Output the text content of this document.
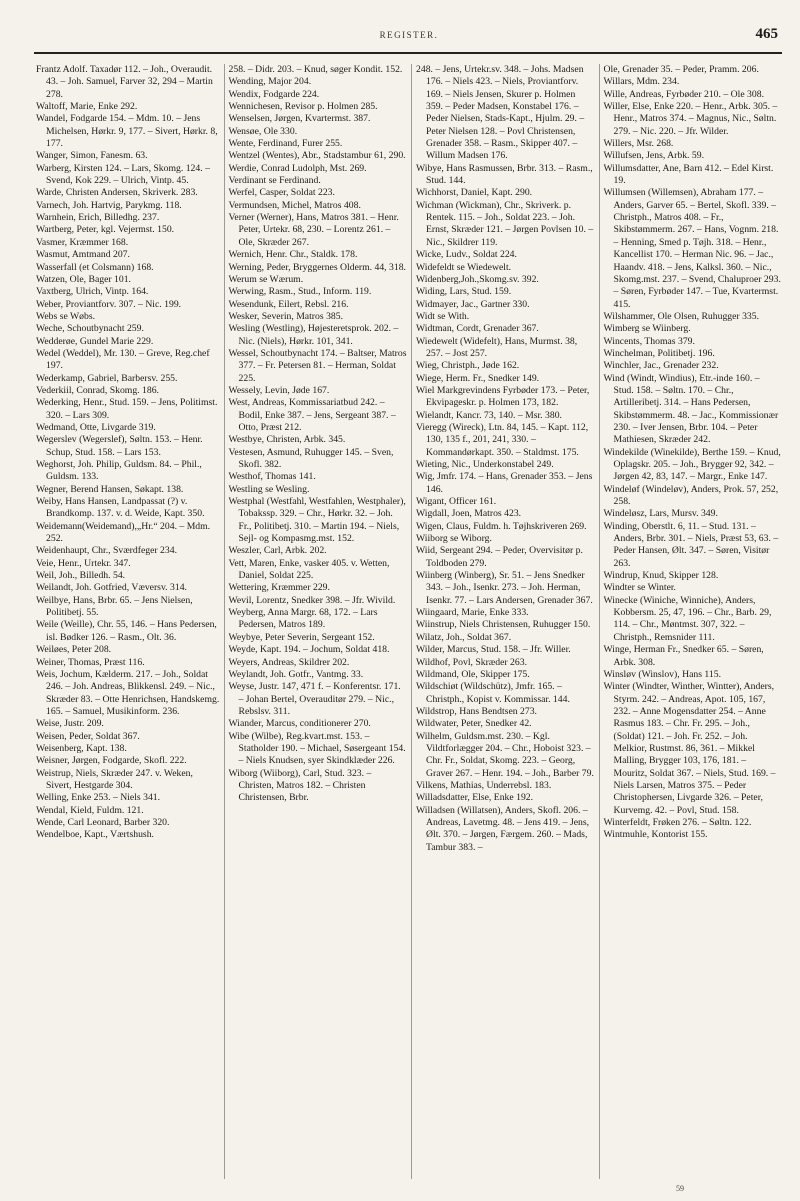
REGISTER.	465
Frantz Adolf. Taxadør 112. – Joh., Overaudit. 43. – Joh. Samuel, Farver 32, 294 – Martin 278.
Waltoff, Marie, Enke 292.
Wandel, Fodgarde 154. – Mdm. 10. – Jens Michelsen, Hørkr. 9, 177. – Sivert, Hørkr. 8, 177.
Wanger, Simon, Fanesm. 63.
Warberg, Kirsten 124. – Lars, Skomg. 124. – Svend, Kok 229. – Ulrich, Vintp. 45.
Warde, Christen Andersen, Skriverk. 283.
Varnech, Joh. Hartvig, Parykmg. 118.
Warnhein, Erich, Billedhg. 237.
Wartberg, Peter, kgl. Vejermst. 150.
Vasmer, Kræmmer 168.
Wasmut, Amtmand 207.
Wasserfall (et Colsmann) 168.
Watzen, Ole, Bager 101.
Vaxtberg, Ulrich, Vintp. 164.
Weber, Proviantforv. 307. – Nic. 199.
Webs se Wøbs.
Weche, Schoutbynacht 259.
Wedderøe, Gundel Marie 229.
Wedel (Weddel), Mr. 130. – Greve, Reg.chef 197.
Wederkamp, Gabriel, Barbersv. 255.
Vederkiil, Conrad, Skomg. 186.
Wederking, Henr., Stud. 159. – Jens, Politimst. 320. – Lars 309.
Wedmand, Otte, Livgarde 319.
Wegerslev (Wegerslef), Søltn. 153. – Henr. Schup, Stud. 158. – Lars 153.
Weghorst, Joh. Philip, Guldsm. 84. – Phil., Guldsm. 133.
Wegner, Berend Hansen, Søkapt. 138.
Weiby, Hans Hansen, Landpassat (?) v. Brandkomp. 137. v. d. Weide, Kapt. 350.
Weidemann(Weidemand),„Hr.“ 204. – Mdm. 252.
Weidenhaupt, Chr., Sværdfeger 234.
Veie, Henr., Urtekr. 347.
Weil, Joh., Billedh. 54.
Weilandt, Joh. Gotfried, Væversv. 314.
Weilbye, Hans, Brbr. 65. – Jens Nielsen, Politibetj. 55.
Weile (Weille), Chr. 55, 146. – Hans Pedersen, isl. Bødker 126. – Rasm., Olt. 36.
Weiløes, Peter 208.
Weiner, Thomas, Præst 116.
Weis, Jochum, Kælderm. 217. – Joh., Soldat 246. – Joh. Andreas, Blikkensl. 249. – Nic., Skræder 83. – Otte Henrichsen, Handskemg. 165. – Samuel, Musikinform. 236.
Weise, Justr. 209.
Weisen, Peder, Soldat 367.
Weisenberg, Kapt. 138.
Weisner, Jørgen, Fodgarde, Skofl. 222.
Weistrup, Niels, Skræder 247. v. Weken, Sivert, Hestgarde 304.
Welling, Enke 253. – Niels 341.
Wendal, Kield, Fuldm. 121.
Wende, Carl Leonard, Barber 320.
Wendelboe, Kapt., Værtshush.
258. – Didr. 203. – Knud, søger Kondit. 152.
Wending, Major 204.
Wendix, Fodgarde 224.
Wennichesen, Revisor p. Holmen 285.
Wenselsen, Jørgen, Kvartermst. 387.
Wensøe, Ole 330.
Wente, Ferdinand, Furer 255.
Wentzel (Wentes), Abr., Stadstambur 61, 290.
Werdie, Conrad Ludolph, Mst. 269.
Verdinant se Ferdinand.
Werfel, Casper, Soldat 223.
Vermundsen, Michel, Matros 408.
Verner (Werner), Hans, Matros 381. – Henr. Peter, Urtekr. 68, 230. – Lorentz 261. – Ole, Skræder 267.
Wernich, Henr. Chr., Staldk. 178.
Werning, Peder, Bryggernes Olderm. 44, 318.
Werum se Wærum.
Werwing, Rasm., Stud., Inform. 119.
Wesendunk, Eilert, Rebsl. 216.
Wesker, Severin, Matros 385.
Wesling (Westling), Højesteretsprok. 202. – Nic. (Niels), Hørkr. 101, 341.
Wessel, Schoutbynacht 174. – Baltser, Matros 377. – Fr. Petersen 81. – Herman, Soldat 225.
Wessely, Levin, Jøde 167.
West, Andreas, Kommissariatbud 242. – Bodil, Enke 387. – Jens, Sergeant 387. – Otto, Præst 212.
Westbye, Christen, Arbk. 345.
Vestesen, Asmund, Ruhugger 145. – Sven, Skofl. 382.
Westhof, Thomas 141.
Westling se Wesling.
Westphal (Westfahl, Westfahlen, Westphaler), Tobakssp. 329. – Chr., Hørkr. 32. – Joh. Fr., Politibetj. 310. – Martin 194. – Niels, Sejl- og Kompasmg.mst. 152.
Weszler, Carl, Arbk. 202.
Vett, Maren, Enke, vasker 405. v. Wetten, Daniel, Soldat 225.
Wettering, Kræmmer 229.
Wevil, Lorentz, Snedker 398. – Jfr. Wivild.
Weyberg, Anna Margr. 68, 172. – Lars Pedersen, Matros 189.
Weybye, Peter Severin, Sergeant 152.
Weyde, Kapt. 194. – Jochum, Soldat 418.
Weyers, Andreas, Skildrer 202.
Weylandt, Joh. Gotfr., Vantmg. 33.
Weyse, Justr. 147, 471 f. – Konferentsr. 171. – Johan Bertel, Overauditør 279. – Nic., Rebslsv. 311.
Wiander, Marcus, conditionerer 270.
Wibe (Wilbe), Reg.kvart.mst. 153. – Statholder 190. – Michael, Søsergeant 154. – Niels Knudsen, syer Skindklæder 226.
Wiborg (Wiiborg), Carl, Stud. 323. – Christen, Matros 182. – Christen Christensen, Brbr.
248. – Jens, Urtekr.sv. 348. – Johs. Madsen 176. – Niels 423. – Niels, Proviantforv. 169. – Niels Jensen, Skurer p. Holmen 359. – Peder Madsen, Konstabel 176. – Peder Nielsen, Stads-Kapt., Hjulm. 29. – Peter Nielsen 128. – Povl Christensen, Grenader 358. – Rasm., Skipper 407. – Willum Madsen 176.
Wibye, Hans Rasmussen, Brbr. 313. – Rasm., Stud. 144.
Wichhorst, Daniel, Kapt. 290.
Wichman (Wickman), Chr., Skriverk. p. Rentek. 115. – Joh., Soldat 223. – Joh. Ernst, Skræder 121. – Jørgen Povlsen 10. – Nic., Skildrer 119.
Wicke, Ludv., Soldat 224.
Widefeldt se Wiedewelt.
Widenberg,Joh.,Skomg.sv. 392.
Widing, Lars, Stud. 159.
Widmayer, Jac., Gartner 330.
Widt se With.
Widtman, Cordt, Grenader 367.
Wiedewelt (Widefelt), Hans, Murmst. 38, 257. – Jost 257.
Wieg, Christph., Jøde 162.
Wiege, Herm. Fr., Snedker 149.
Wiel Markgrevindens Fyrbøder 173. – Peter, Ekvipageskr. p. Holmen 173, 182.
Wielandt, Kancr. 73, 140. – Msr. 380.
Vieregg (Wireck), Ltn. 84, 145. – Kapt. 112, 130, 135 f., 201, 241, 330. – Kommandørkapt. 350. – Staldmst. 175.
Wieting, Nic., Underkonstabel 249.
Wig, Jmfr. 174. – Hans, Grenader 353. – Jens 146.
Wigant, Officer 161.
Wigdall, Joen, Matros 423.
Wigen, Claus, Fuldm. h. Tøjhskriveren 269.
Wiiborg se Wiborg.
Wiid, Sergeant 294. – Peder, Overvisitør p. Toldboden 279.
Wiinberg (Winberg), Sr. 51. – Jens Snedker 343. – Joh., Isenkr. 273. – Joh. Herman, Isenkr. 77. – Lars Andersen, Grenader 367.
Wiingaard, Marie, Enke 333.
Wiinstrup, Niels Christensen, Ruhugger 150.
Wilatz, Joh., Soldat 367.
Wilder, Marcus, Stud. 158. – Jfr. Willer.
Wildhof, Povl, Skræder 263.
Wildmand, Ole, Skipper 175.
Wildschiøt (Wildschütz), Jmfr. 165. – Christph., Kopist v. Kommissar. 144.
Wildstrop, Hans Bendtsen 273.
Wildwater, Peter, Snedker 42.
Wilhelm, Guldsm.mst. 230. – Kgl. Vildtforlægger 204. – Chr., Hoboist 323. – Chr. Fr., Soldat, Skomg. 223. – Georg, Graver 267. – Henr. 194. – Joh., Barber 79.
Vilkens, Mathias, Underrebsl. 183.
Willadsdatter, Else, Enke 192.
Willadsen (Willatsen), Anders, Skofl. 206. – Andreas, Lavetmg. 48. – Jens 419. – Jens, Ølt. 370. – Jørgen, Færgem. 260. – Mads, Tambur 383. –
Ole, Grenader 35. – Peder, Pramm. 206.
Willars, Mdm. 234.
Wille, Andreas, Fyrbøder 210. – Ole 308.
Willer, Else, Enke 220. – Henr., Arbk. 305. – Henr., Matros 374. – Magnus, Nic., Søltn. 279. – Nic. 220. – Jfr. Wilder.
Willers, Msr. 268.
Willufsen, Jens, Arbk. 59.
Willumsdatter, Ane, Barn 412. – Edel Kirst. 19.
Willumsen (Willemsen), Abraham 177. – Anders, Garver 65. – Bertel, Skofl. 339. – Christph., Matros 408. – Fr., Skibstømmerm. 267. – Hans, Vognm. 218. – Henning, Smed p. Tøjh. 318. – Henr., Kancellist 170. – Herman Nic. 96. – Jac., Haandv. 418. – Jens, Kalksl. 360. – Nic., Skomg.mst. 237. – Svend, Chaluproer 293. – Søren, Fyrbøder 147. – Tue, Kvartermst. 415.
Wilshammer, Ole Olsen, Ruhugger 335.
Wimberg se Wiinberg.
Wincents, Thomas 379.
Winchelman, Politibetj. 196.
Winchler, Jac., Grenader 232.
Wind (Windt, Windius), Etr.-inde 160. – Stud. 158. – Søltn. 170. – Chr., Artilleribetj. 314. – Hans Pedersen, Skibstømmerm. 48. – Jac., Kommissionær 230. – Iver Jensen, Brbr. 104. – Peter Mathiesen, Skræder 242.
Windekilde (Winekilde), Berthe 159. – Knud, Oplagskr. 205. – Joh., Brygger 92, 342. – Jørgen 42, 83, 147. – Margr., Enke 147.
Windeløf (Windeløv), Anders, Prok. 57, 252, 258.
Windeløsz, Lars, Mursv. 349.
Winding, Oberstlt. 6, 11. – Stud. 131. – Anders, Brbr. 301. – Niels, Præst 53, 63. – Peder Hansen, Ølt. 347. – Søren, Visitør 263.
Windrup, Knud, Skipper 128.
Windter se Winter.
Winecke (Winiche, Winniche), Anders, Kobbersm. 25, 47, 196. – Chr., Barb. 29, 114. – Chr., Møntmst. 307, 322. – Christph., Remsnider 111.
Winge, Herman Fr., Snedker 65. – Søren, Arbk. 308.
Winsløv (Winslov), Hans 115.
Winter (Windter, Winther, Wintter), Anders, Styrm. 242. – Andreas, Apot. 105, 167, 232. – Anne Mogensdatter 254. – Anne Rasmus 183. – Chr. Fr. 295. – Joh., (Soldat) 121. – Joh. Fr. 252. – Joh. Melkior, Rustmst. 86, 361. – Mikkel Malling, Brygger 103, 176, 181. – Mouritz, Soldat 367. – Niels, Stud. 169. – Niels Larsen, Matros 375. – Peder Christophersen, Livgarde 326. – Peter, Kurvemg. 42. – Povl, Stud. 158.
Winterfeldt, Frøken 276. – Søltn. 122.
Wintmuhle, Kontorist 155.
59
